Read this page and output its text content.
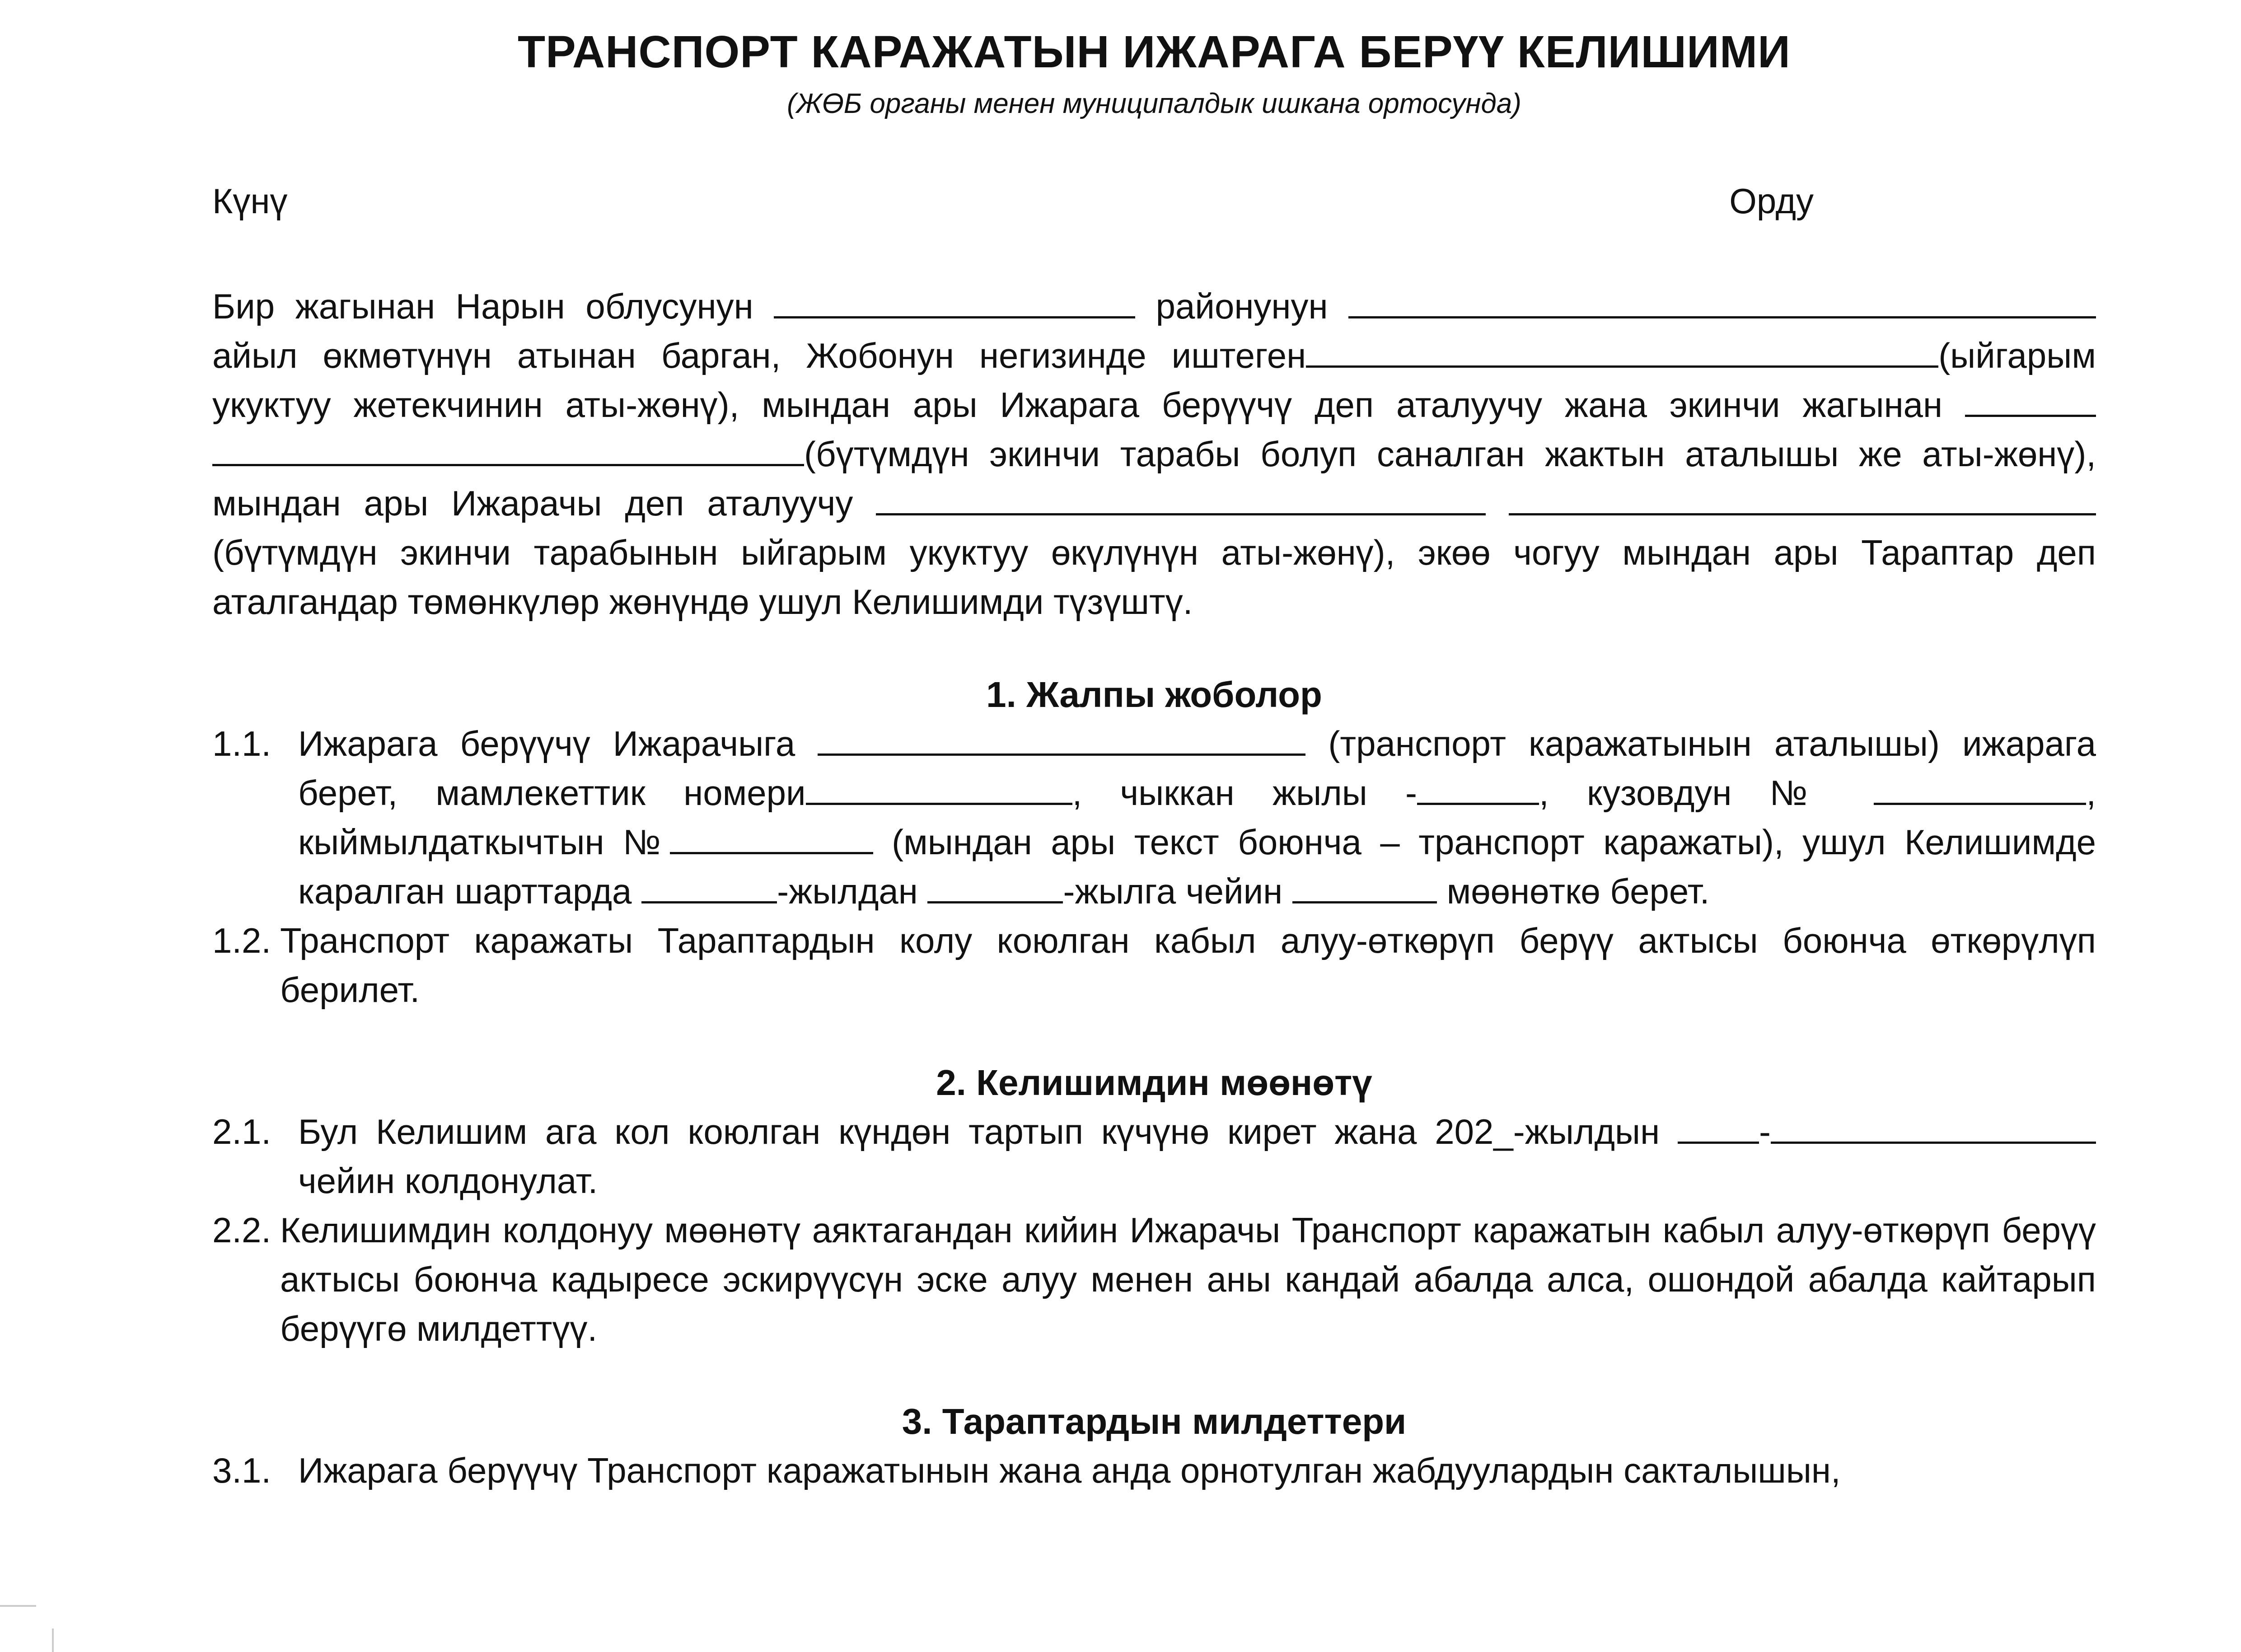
ТРАНСПОРТ КАРАЖАТЫН ИЖАРАГА БЕРҮҮ КЕЛИШИМИ

(ЖӨБ органы менен муниципалдык ишкана ортосунда)

Күнү	Орду
Бир жагынан Нарын облусунун	районунун  айыл өкмөтүнүн атынан барган, Жобонун негизинде иштеген	(ыйгарым укуктуу жетекчинин аты-жөнү), мындан ары Ижарага берүүчү деп аталуучу жана экинчи жагынан  (бүтүмдүн экинчи тарабы болуп саналган жактын аталышы же аты-жөнү), мындан ары Ижарачы деп аталуучу   (бүтүмдүн экинчи тарабынын ыйгарым укуктуу өкүлүнүн аты-жөнү), экөө чогуу мындан ары Тараптар деп аталгандар төмөнкүлөр жөнүндө ушул Келишимди түзүштү.
1. Жалпы жоболор
1.1. Ижарага берүүчү Ижарачыга	(транспорт каражатынын аталышы) ижарага берет, мамлекеттик номери	, чыккан жылы -	, кузовдун №	, кыймылдаткычтын №	(мындан ары текст боюнча – транспорт каражаты), ушул Келишимде каралган шарттарда	-жылдан	-жылга чейин	мөөнөткө берет.
1.2. Транспорт каражаты Тараптардын колу коюлган кабыл алуу-өткөрүп берүү актысы боюнча өткөрүлүп берилет.
2. Келишимдин мөөнөтү
2.1. Бул Келишим ага кол коюлган күндөн тартып күчүнө кирет жана 202_-жылдын	- чейин колдонулат.
2.2. Келишимдин колдонуу мөөнөтү аяктагандан кийин Ижарачы Транспорт каражатын кабыл алуу-өткөрүп берүү актысы боюнча кадыресе эскирүүсүн эске алуу менен аны кандай абалда алса, ошондой абалда кайтарып берүүгө милдеттүү.
3. Тараптардын милдеттери
3.1. Ижарага берүүчү Транспорт каражатынын жана анда орнотулган жабдуулардын сакталышын,
